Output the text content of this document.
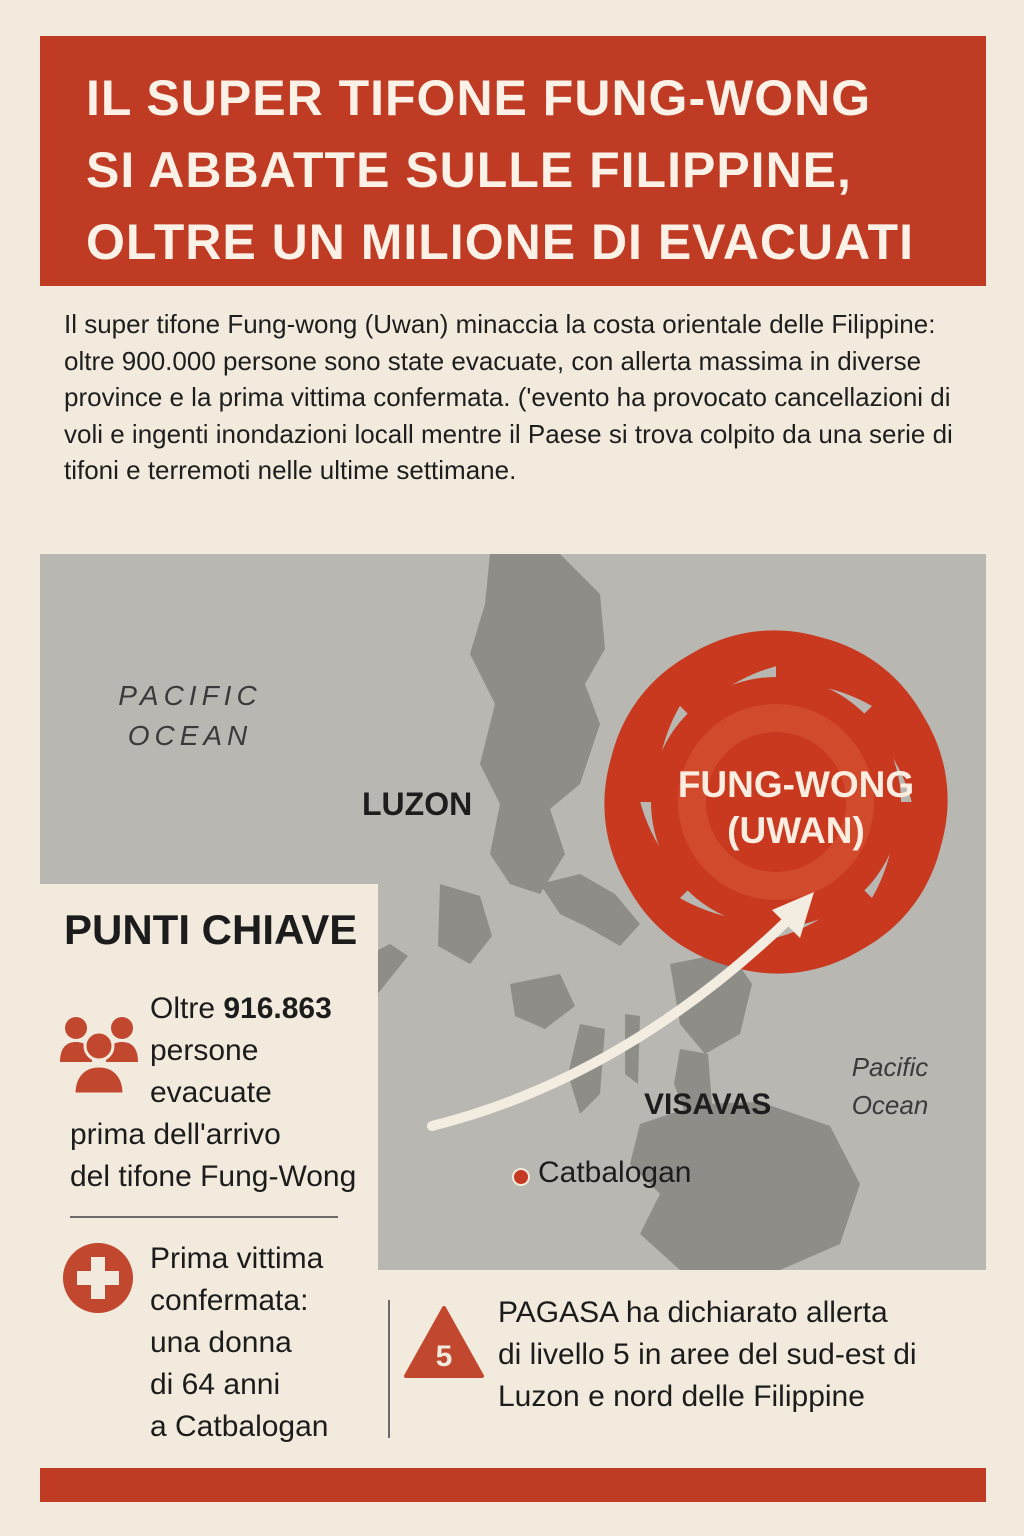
IL SUPER TIFONE FUNG-WONG
SI ABBATTE SULLE FILIPPINE,
OLTRE UN MILIONE DI EVACUATI

Il super tifone Fung-wong (Uwan) minaccia la costa orientale delle Filippine: oltre 900.000 persone sono state evacuate, con allerta massima in diverse province e la prima vittima confermata. ('evento ha provocato cancellazioni di voli e ingenti inondazioni locall mentre il Paese si trova colpito da una serie di tifoni e terremoti nelle ultime settimane.

PACIFIC
OCEAN
LUZON	FUNG-WONG
(UWAN)
VISAVAS
Pacific
Ocean
Catbalogan
PUNTI CHIAVE
Oltre 916.863
persone
evacuate
prima dell'arrivo
del tifone Fung-Wong
Prima vittima
confermata:
una donna
di 64 anni
a Catbalogan
5
PAGASA ha dichiarato allerta
di livello 5 in aree del sud-est di
Luzon e nord delle Filippine
